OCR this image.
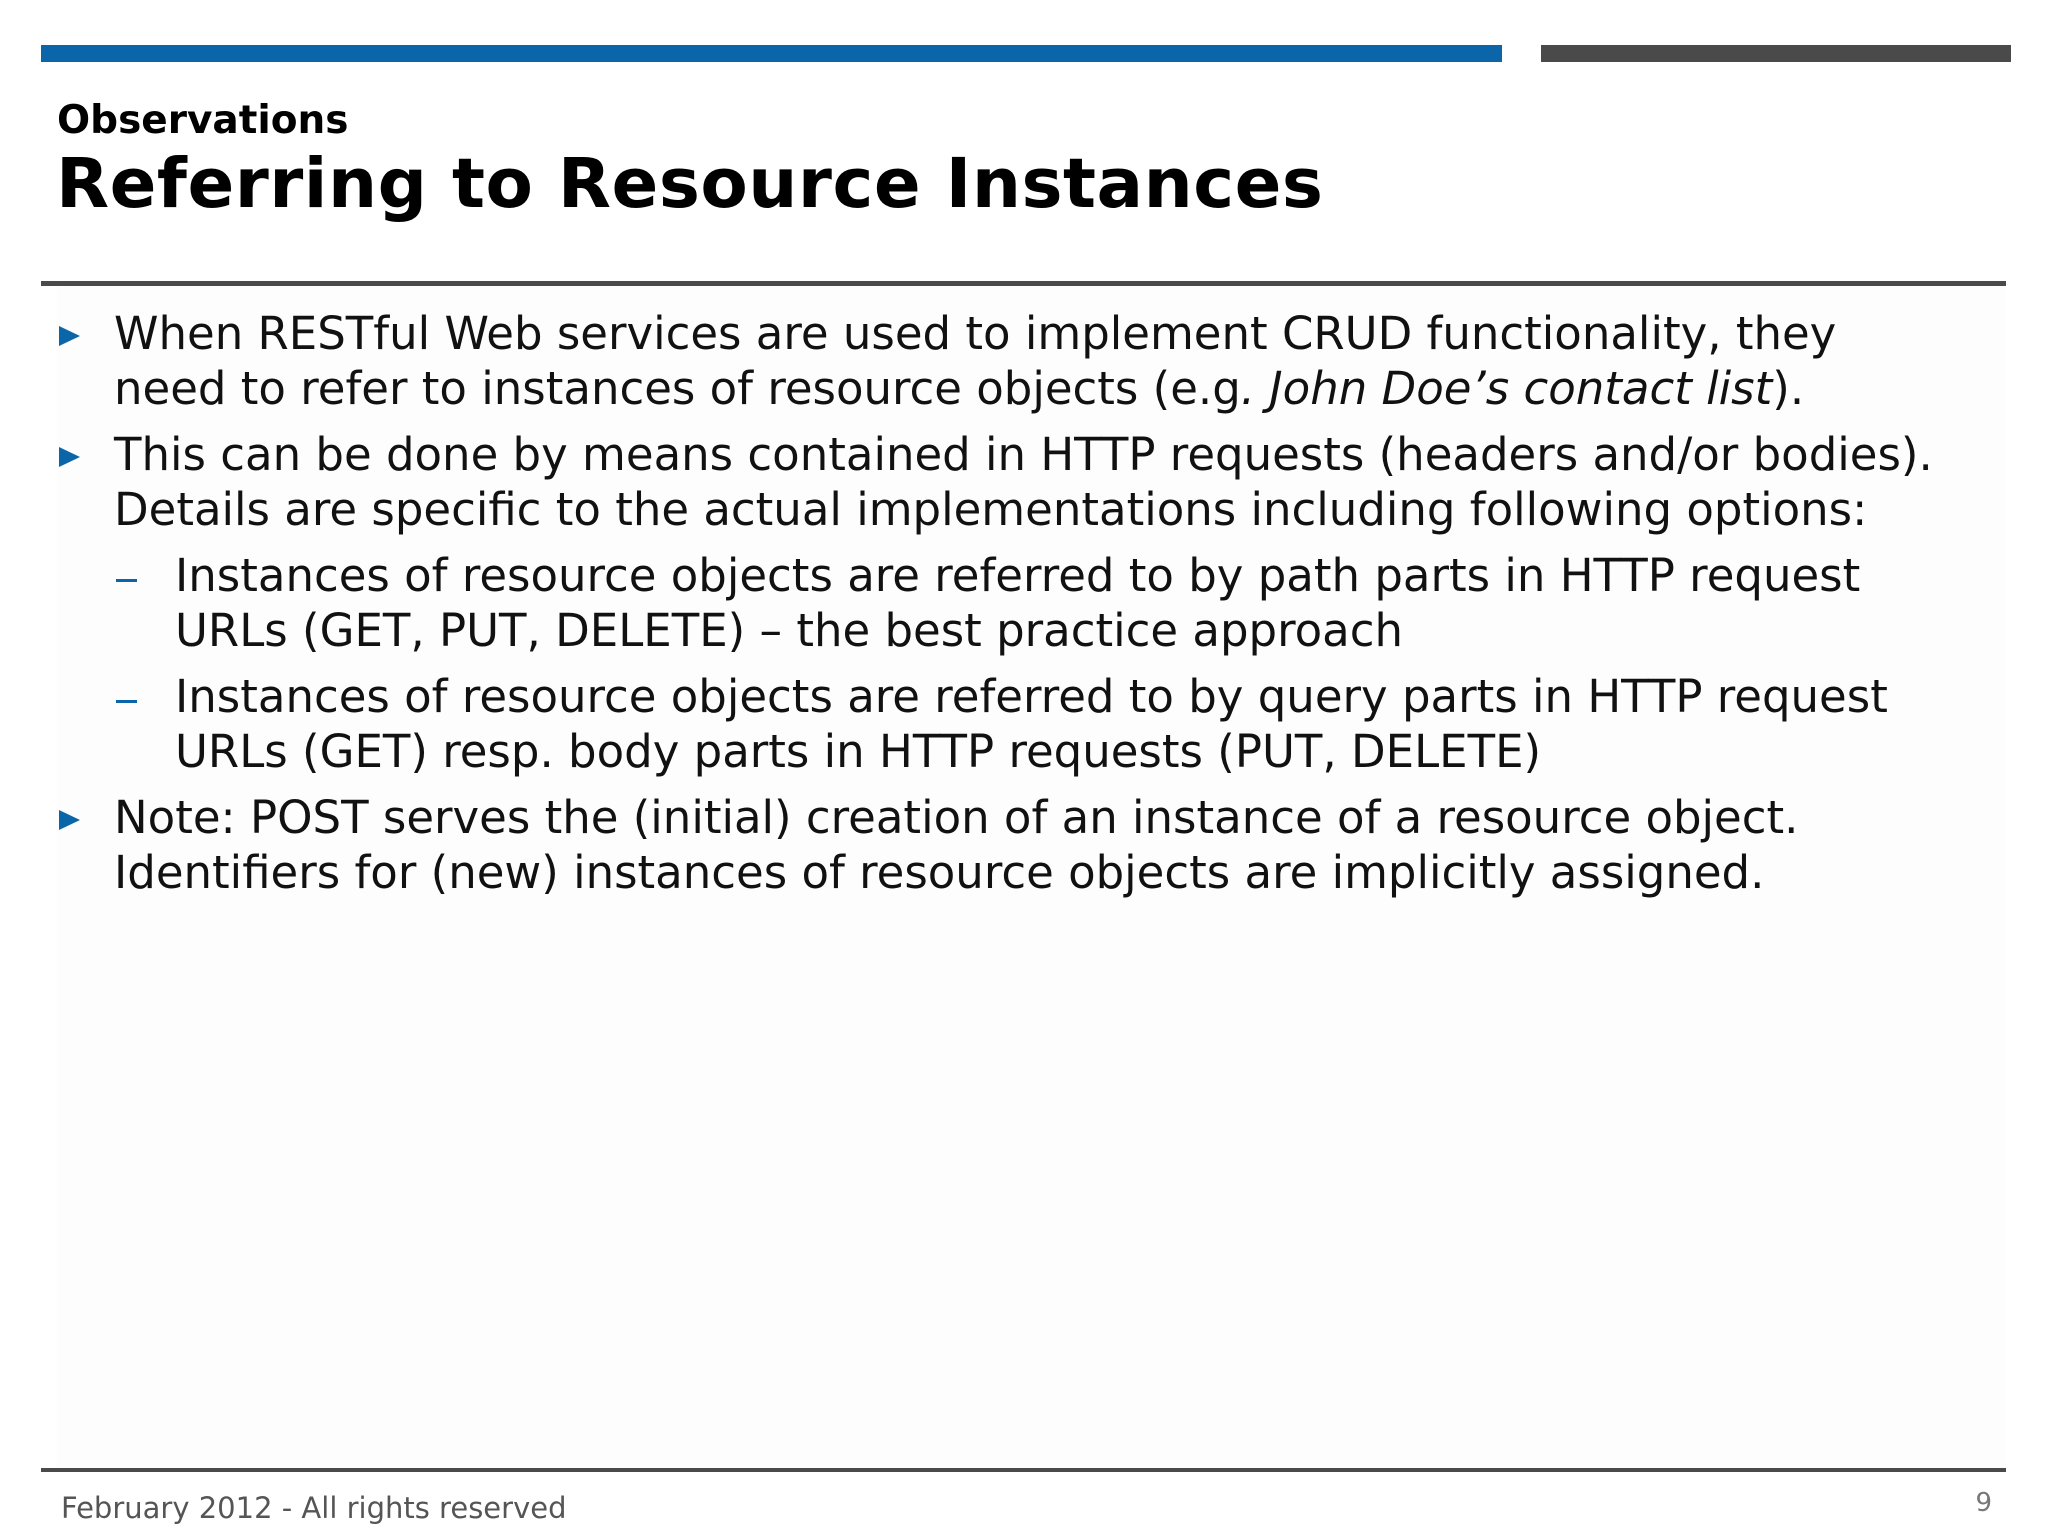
Observations
Referring to Resource Instances
When RESTful Web services are used to implement CRUD functionality, they
need to refer to instances of resource objects (e.g. John Doe’s contact list).
This can be done by means contained in HTTP requests (headers and/or bodies).
Details are specific to the actual implementations including following options:
Instances of resource objects are referred to by path parts in HTTP request
URLs (GET, PUT, DELETE) – the best practice approach
Instances of resource objects are referred to by query parts in HTTP request
URLs (GET) resp. body parts in HTTP requests (PUT, DELETE)
Note: POST serves the (initial) creation of an instance of a resource object.
Identifiers for (new) instances of resource objects are implicitly assigned.
February 2012 - All rights reserved	9
